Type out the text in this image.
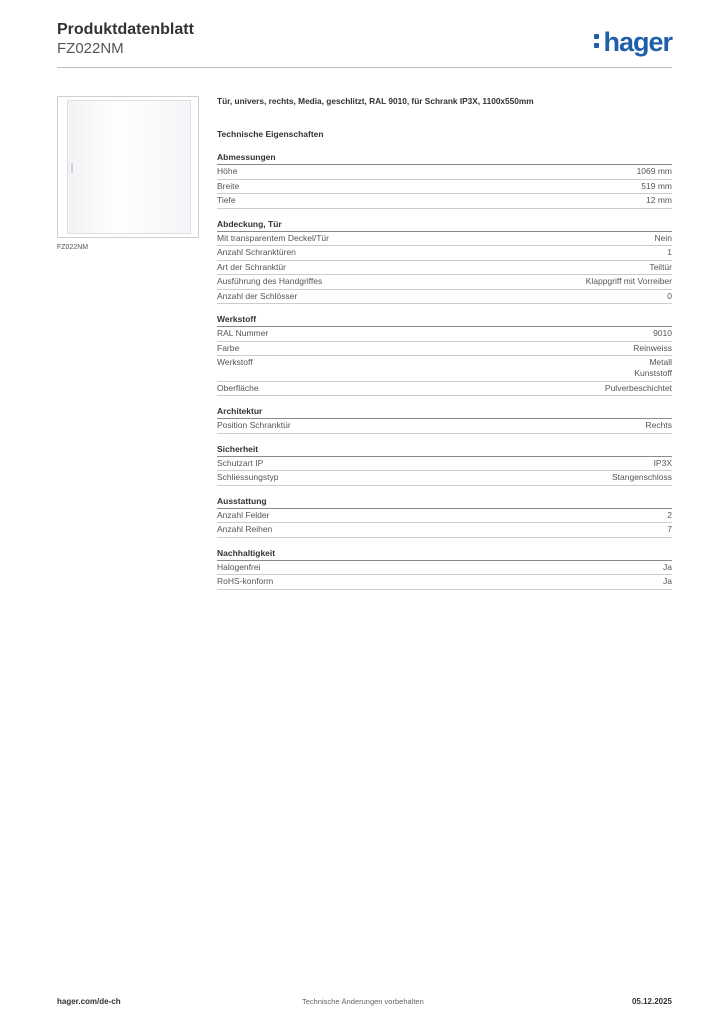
Produktdatenblatt
FZ022NM	hager
FZ022NM
Tür, univers, rechts, Media, geschlitzt, RAL 9010, für Schrank IP3X, 1100x550mm
Technische Eigenschaften
Abmessungen
Höhe	1069 mm
Breite	519 mm
Tiefe	12 mm
Abdeckung, Tür
Mit transparentem Deckel/Tür	Nein
Anzahl Schranktüren	1
Art der Schranktür	Teiltür
Ausführung des Handgriffes	Klappgriff mit Vorreiber
Anzahl der Schlösser	0
Werkstoff
RAL Nummer	9010
Farbe	Reinweiss
Werkstoff	Metall
Kunststoff
Oberfläche	Pulverbeschichtet
Architektur
Position Schranktür	Rechts
Sicherheit
Schutzart IP	IP3X
Schliessungstyp	Stangenschloss
Ausstattung
Anzahl Felder	2
Anzahl Reihen	7
Nachhaltigkeit
Halogenfrei	Ja
RoHS-konform	Ja
hager.com/de-ch	Technische Änderungen vorbehalten	05.12.2025
